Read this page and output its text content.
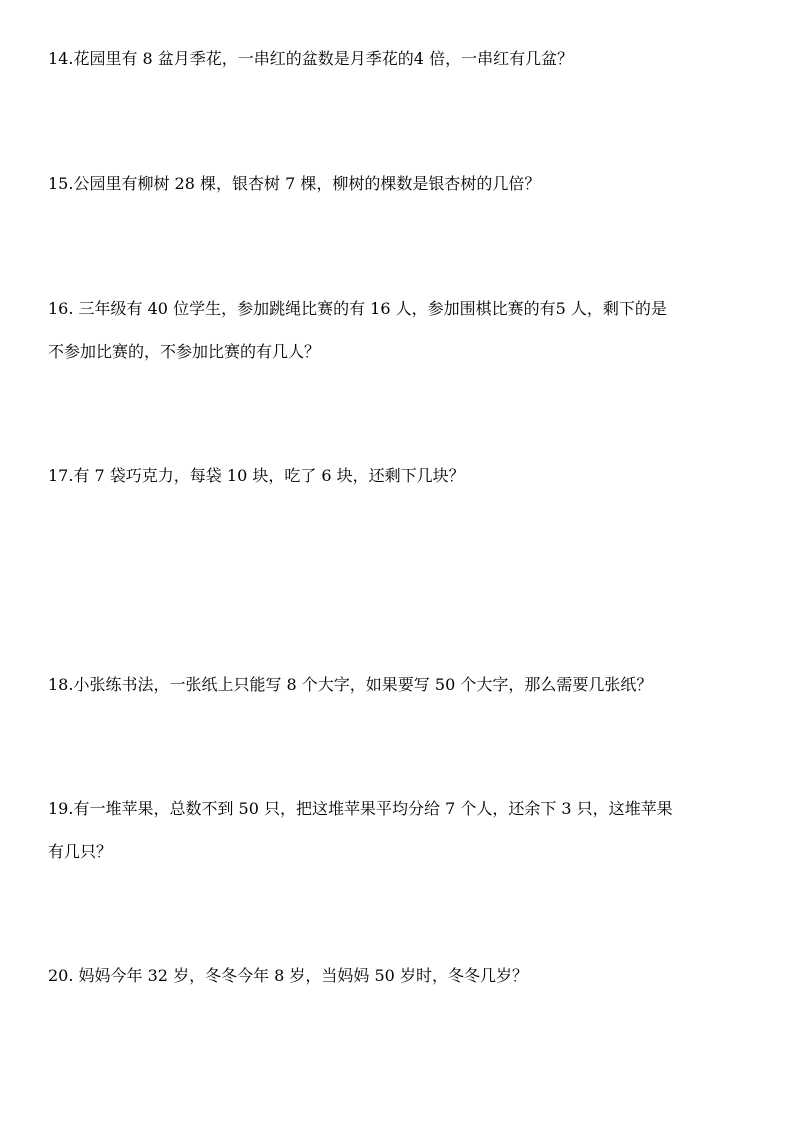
14.花园里有 8 盆月季花，一串红的盆数是月季花的4 倍，一串红有几盆？
15.公园里有柳树 28 棵，银杏树 7 棵，柳树的棵数是银杏树的几倍？
16. 三年级有 40 位学生，参加跳绳比赛的有 16 人，参加围棋比赛的有5 人，剩下的是
不参加比赛的，不参加比赛的有几人？
17.有 7 袋巧克力，每袋 10 块，吃了 6 块，还剩下几块？
18.小张练书法，一张纸上只能写 8 个大字，如果要写 50 个大字，那么需要几张纸？
19.有一堆苹果，总数不到 50 只，把这堆苹果平均分给 7 个人，还余下 3 只，这堆苹果
有几只？
20. 妈妈今年 32 岁，冬冬今年 8 岁，当妈妈 50 岁时，冬冬几岁？
